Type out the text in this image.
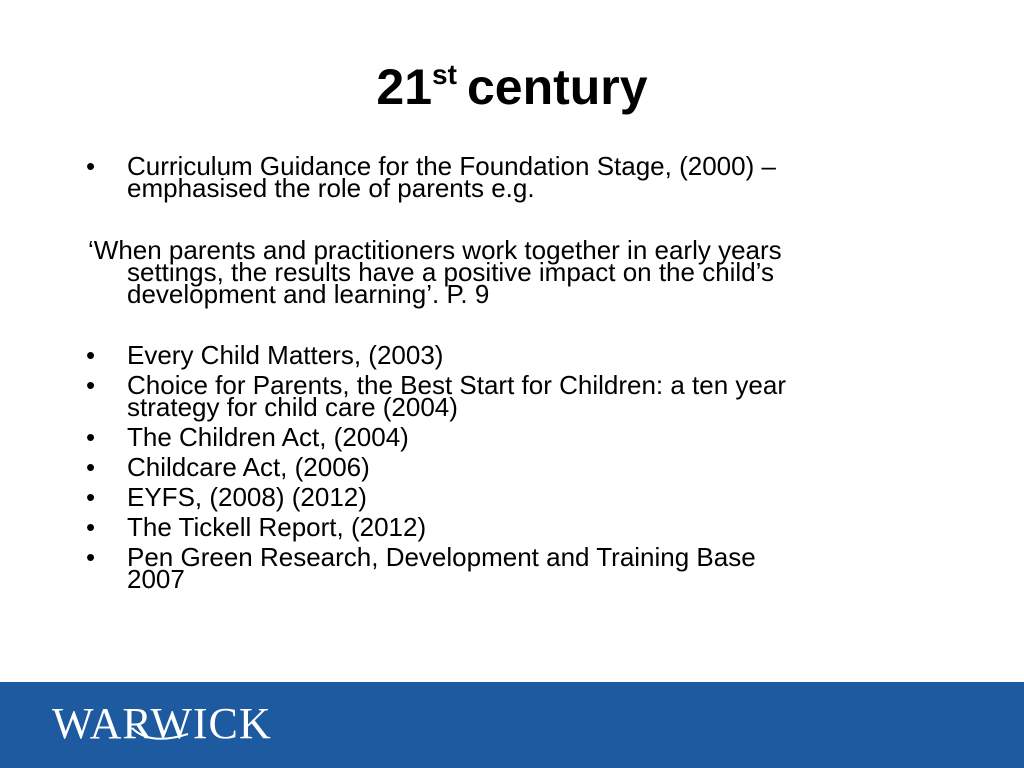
21st century
• Curriculum Guidance for the Foundation Stage, (2000) –
emphasised the role of parents e.g.
‘When parents and practitioners work together in early years
settings, the results have a positive impact on the child’s
development and learning’. P. 9
• Every Child Matters, (2003)
• Choice for Parents, the Best Start for Children: a ten year
strategy for child care (2004)
• The Children Act, (2004)
• Childcare Act, (2006)
• EYFS, (2008) (2012)
• The Tickell Report, (2012)
• Pen Green Research, Development and Training Base
2007
WARWICK
